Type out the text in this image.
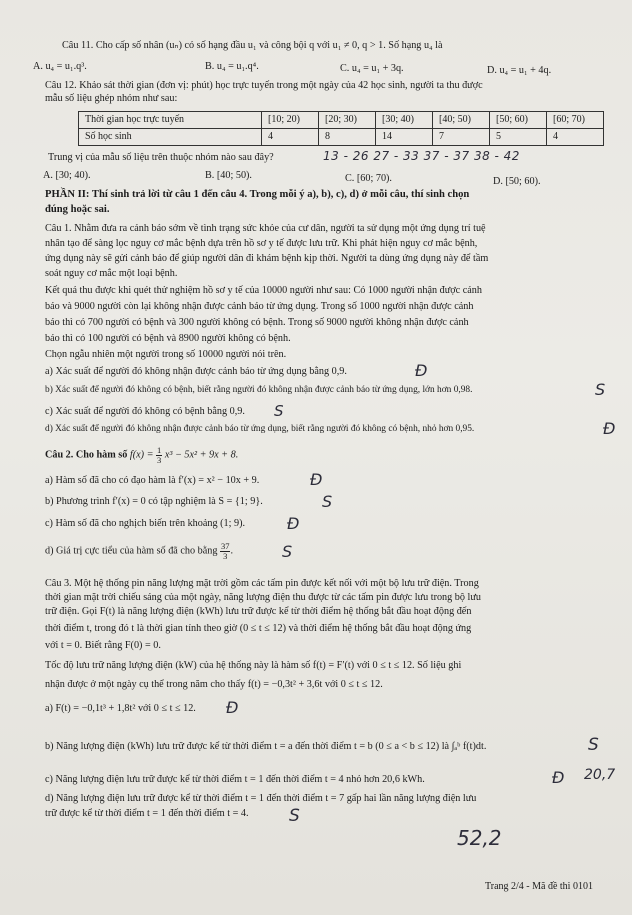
Câu 11. Cho cấp số nhân (uₙ) có số hạng đầu u₁ và công bội q với u₁ ≠ 0, q > 1. Số hạng u₄ là
A. u₄ = u₁.q³.	B. u₄ = u₁.q⁴.	C. u₄ = u₁ + 3q.	D. u₄ = u₁ + 4q.
Câu 12. Khảo sát thời gian (đơn vị: phút) học trực tuyến trong một ngày của 42 học sinh, người ta thu được
mẫu số liệu ghép nhóm như sau:
Thời gian học trực tuyến	[10; 20)	[20; 30)	[30; 40)	[40; 50)	[50; 60)	[60; 70)
Số học sinh	4	8	14	7	5	4
Trung vị của mẫu số liệu trên thuộc nhóm nào sau đây?	13 - 26 27 - 33 37 - 37 38 - 42
A. [30; 40).	B. [40; 50).	C. [60; 70).	D. [50; 60).
PHẦN II: Thí sinh trả lời từ câu 1 đến câu 4. Trong mỗi ý a), b), c), d) ở mỗi câu, thí sinh chọn
đúng hoặc sai.
Câu 1. Nhằm đưa ra cảnh báo sớm về tình trạng sức khỏe của cư dân, người ta sử dụng một ứng dụng trí tuệ
nhân tạo để sàng lọc nguy cơ mắc bệnh dựa trên hồ sơ y tế được lưu trữ. Khi phát hiện nguy cơ mắc bệnh,
ứng dụng này sẽ gửi cảnh báo để giúp người dân đi khám bệnh kịp thời. Người ta dùng ứng dụng này để tầm
soát nguy cơ mắc một loại bệnh.
Kết quả thu được khi quét thử nghiệm hồ sơ y tế của 10000 người như sau: Có 1000 người nhận được cảnh
báo và 9000 người còn lại không nhận được cảnh báo từ ứng dụng. Trong số 1000 người nhận được cảnh
báo thì có 700 người có bệnh và 300 người không có bệnh. Trong số 9000 người không nhận được cảnh
báo thì có 100 người có bệnh và 8900 người không có bệnh.
Chọn ngẫu nhiên một người trong số 10000 người nói trên.
a) Xác suất để người đó không nhận được cảnh báo từ ứng dụng bằng 0,9.	Đ
b) Xác suất để người đó không có bệnh, biết rằng người đó không nhận được cảnh báo từ ứng dụng, lớn hơn 0,98.	S
c) Xác suất để người đó không có bệnh bằng 0,9. S
d) Xác suất để người đó không nhận được cảnh báo từ ứng dụng, biết rằng người đó không có bệnh, nhỏ hơn 0,95.	Đ
Câu 2. Cho hàm số $f(x) = \frac{1}{3} x^3 - 5x^2 + 9x + 8$.
a) Hàm số đã cho có đạo hàm là f′(x) = x² − 10x + 9.	Đ
b) Phương trình f′(x) = 0 có tập nghiệm là S = {1; 9}.	S
c) Hàm số đã cho nghịch biến trên khoảng (1; 9).	Đ
d) Giá trị cực tiểu của hàm số đã cho bằng $\frac{37}{3}$ .	S
Câu 3. Một hệ thống pin năng lượng mặt trời gồm các tấm pin được kết nối với một bộ lưu trữ điện. Trong
thời gian mặt trời chiếu sáng của một ngày, năng lượng điện thu được từ các tấm pin được lưu trong bộ lưu
trữ điện. Gọi F(t) là năng lượng điện (kWh) lưu trữ được kể từ thời điểm hệ thống bắt đầu hoạt động đến
thời điểm t, trong đó t là thời gian tính theo giờ (0 ≤ t ≤ 12) và thời điểm hệ thống bắt đầu hoạt động ứng
với t = 0. Biết rằng F(0) = 0.
Tốc độ lưu trữ năng lượng điện (kW) của hệ thống này là hàm số f(t) = F′(t) với 0 ≤ t ≤ 12. Số liệu ghi
nhận được ở một ngày cụ thể trong năm cho thấy f(t) = −0,3t² + 3,6t với 0 ≤ t ≤ 12.
a) F(t) = −0,1t³ + 1,8t² với 0 ≤ t ≤ 12. Đ
b) Năng lượng điện (kWh) lưu trữ được kể từ thời điểm t = a đến thời điểm t = b (0 ≤ a < b ≤ 12) là ∫ₐᵇ f(t)dt.	S
c) Năng lượng điện lưu trữ được kể từ thời điểm t = 1 đến thời điểm t = 4 nhỏ hơn 20,6 kWh.	Đ 20,7
d) Năng lượng điện lưu trữ được kể từ thời điểm t = 1 đến thời điểm t = 7 gấp hai lần năng lượng điện lưu
trữ được kể từ thời điểm t = 1 đến thời điểm t = 4. S
52,2
Trang 2/4 - Mã đề thi 0101
